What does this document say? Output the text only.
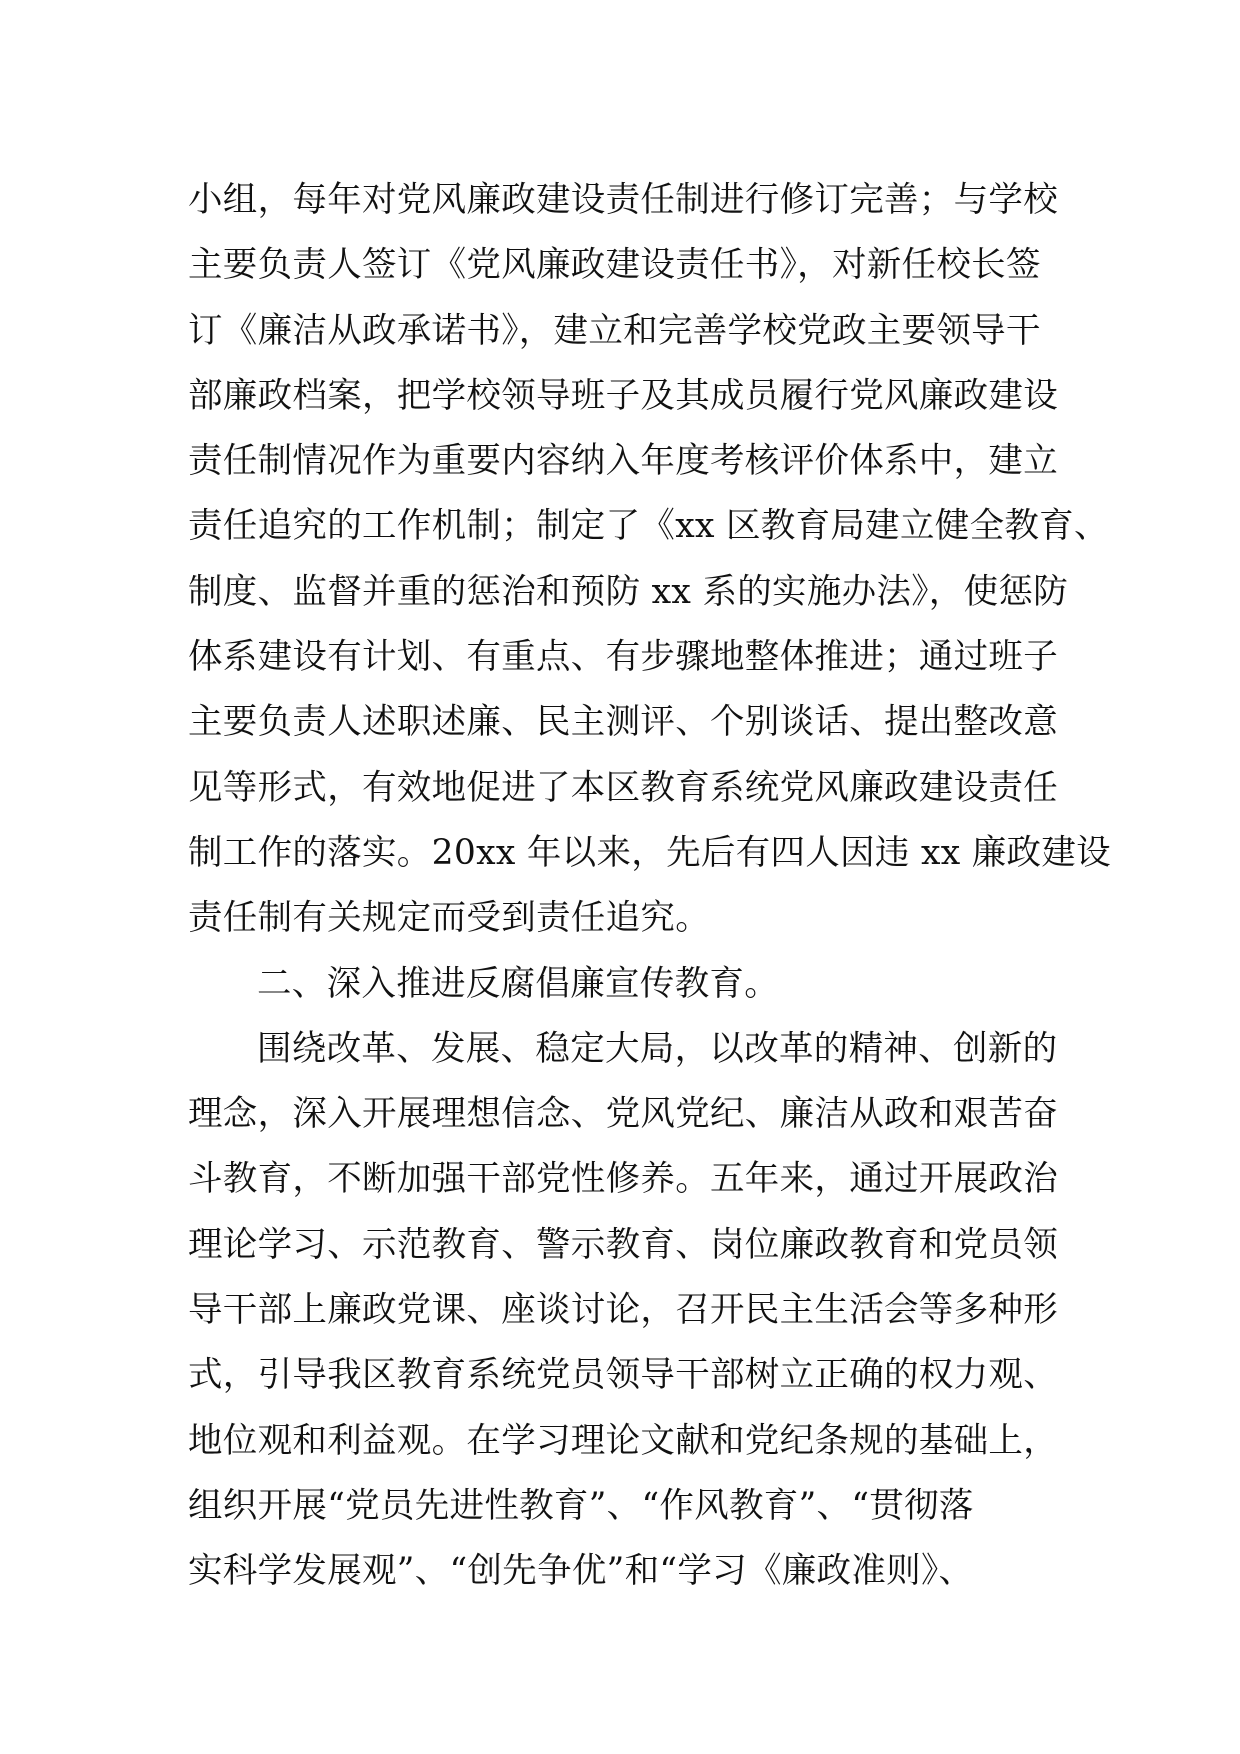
小组，每年对党风廉政建设责任制进行修订完善；与学校
主要负责人签订《党风廉政建设责任书》，对新任校长签
订《廉洁从政承诺书》，建立和完善学校党政主要领导干
部廉政档案，把学校领导班子及其成员履行党风廉政建设
责任制情况作为重要内容纳入年度考核评价体系中，建立
责任追究的工作机制；制定了《xx 区教育局建立健全教育、
制度、监督并重的惩治和预防 xx 系的实施办法》，使惩防
体系建设有计划、有重点、有步骤地整体推进；通过班子
主要负责人述职述廉、民主测评、个别谈话、提出整改意
见等形式，有效地促进了本区教育系统党风廉政建设责任
制工作的落实。20xx 年以来，先后有四人因违 xx 廉政建设
责任制有关规定而受到责任追究。
二、深入推进反腐倡廉宣传教育。
围绕改革、发展、稳定大局，以改革的精神、创新的
理念，深入开展理想信念、党风党纪、廉洁从政和艰苦奋
斗教育，不断加强干部党性修养。五年来，通过开展政治
理论学习、示范教育、警示教育、岗位廉政教育和党员领
导干部上廉政党课、座谈讨论，召开民主生活会等多种形
式，引导我区教育系统党员领导干部树立正确的权力观、
地位观和利益观。在学习理论文献和党纪条规的基础上，
组织开展“党员先进性教育”、“作风教育”、“贯彻落
实科学发展观”、“创先争优”和“学习《廉政准则》、
